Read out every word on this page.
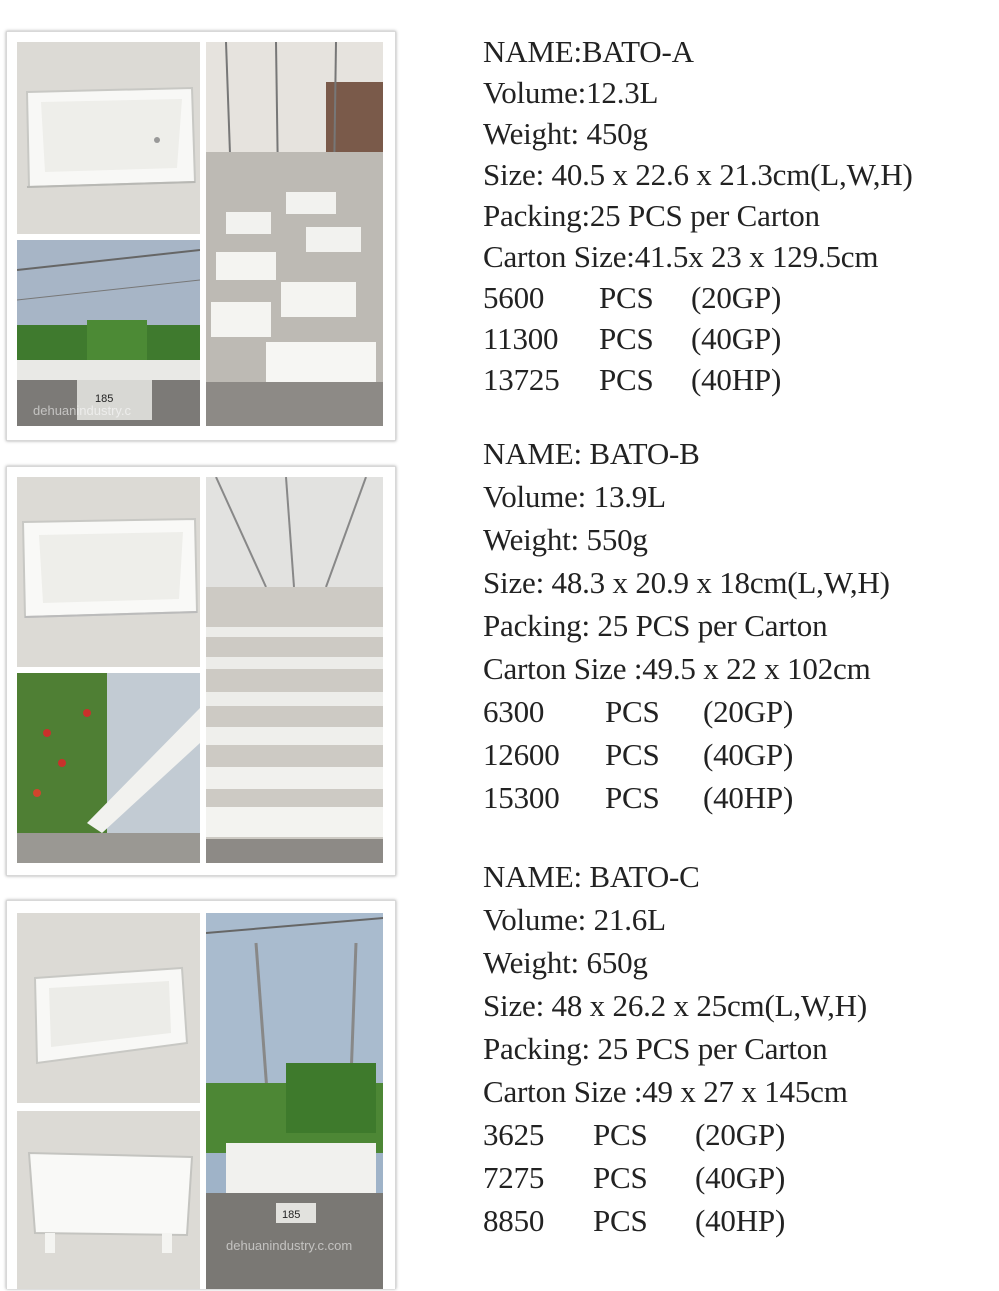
185
dehuanindustry.c
185
dehuanindustry.c.com
NAME:BATO-A
Volume:12.3L
Weight: 450g
Size: 40.5 x 22.6 x 21.3cm(L,W,H)
Packing:25 PCS per Carton
Carton Size:41.5x 23 x 129.5cm
5600 PCS (20GP)
11300 PCS (40GP)
13725 PCS (40HP)
NAME: BATO-B
Volume: 13.9L
Weight: 550g
Size: 48.3 x 20.9 x 18cm(L,W,H)
Packing: 25 PCS per Carton
Carton Size :49.5 x 22 x 102cm
6300 PCS (20GP)
12600 PCS (40GP)
15300 PCS (40HP)
NAME: BATO-C
Volume: 21.6L
Weight: 650g
Size: 48 x 26.2 x 25cm(L,W,H)
Packing: 25 PCS per Carton
Carton Size :49 x 27 x 145cm
3625 PCS (20GP)
7275 PCS (40GP)
8850 PCS (40HP)
